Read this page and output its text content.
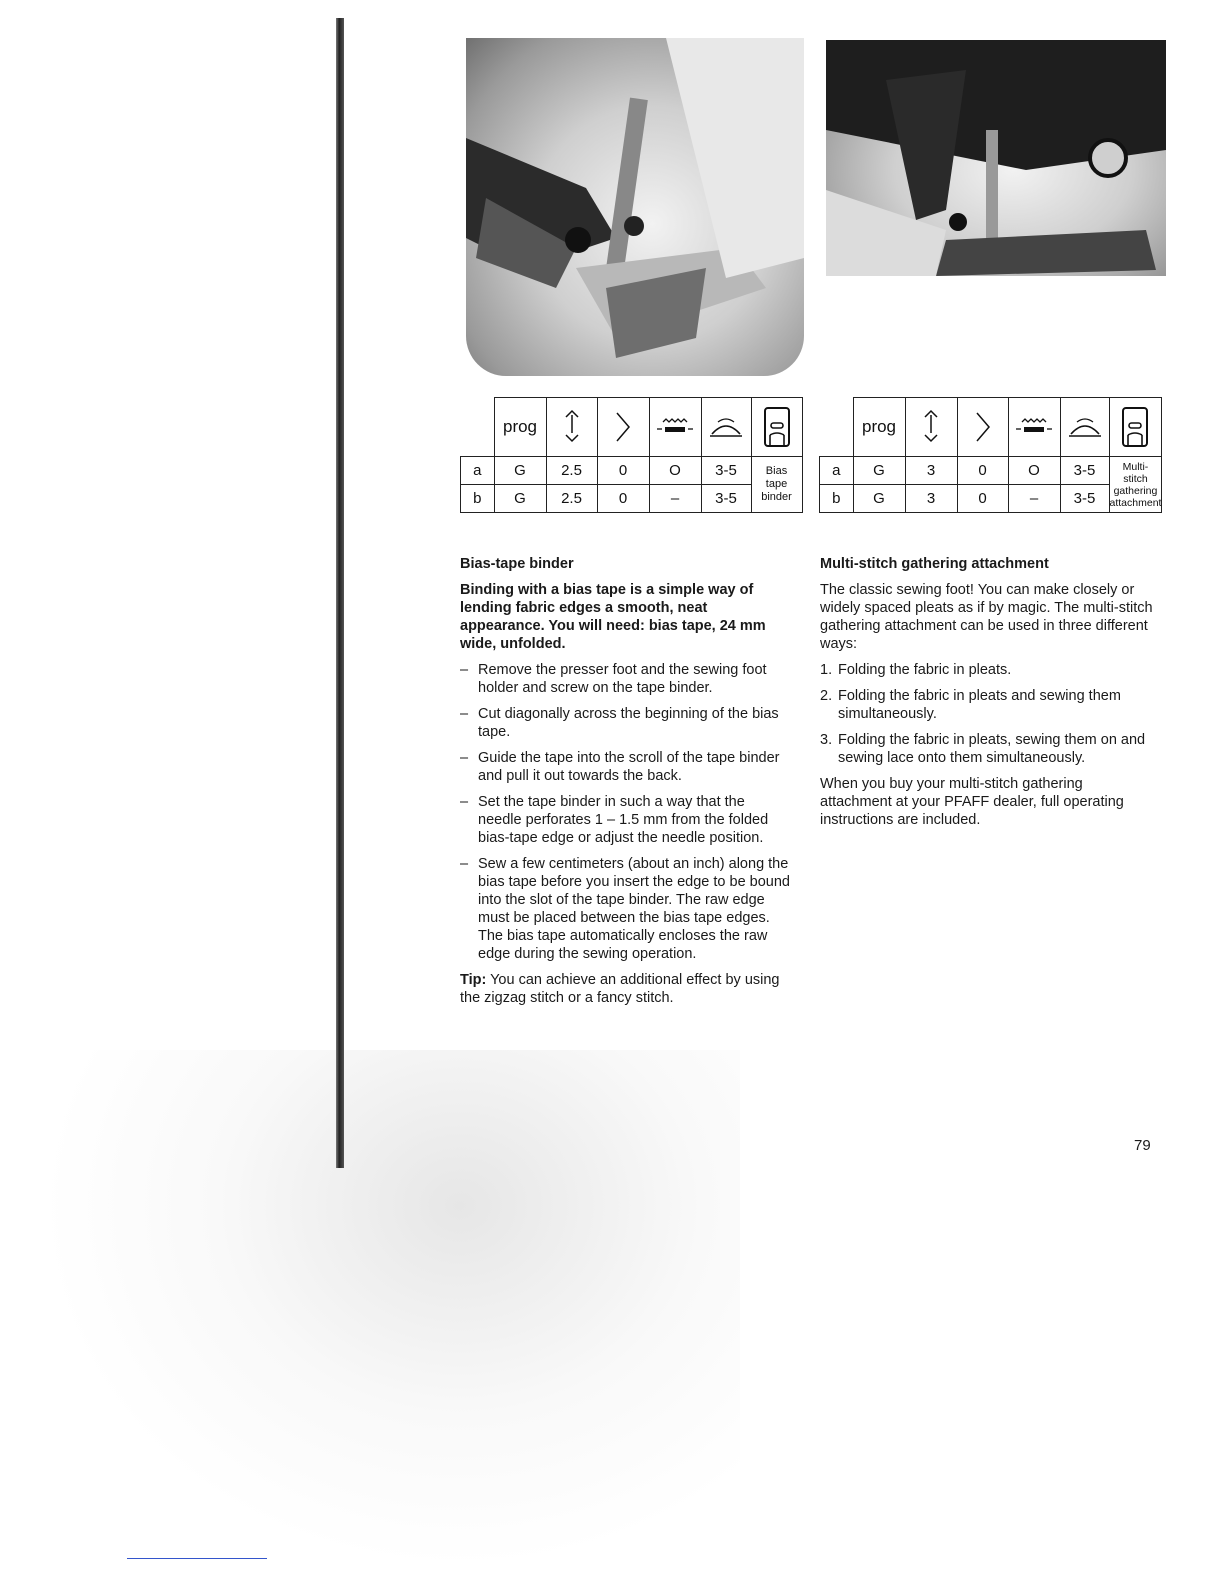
	prog					
a	G	2.5	0	O	3-5	Bias
tape
binder

b	G	2.5	0	–	3-5	
	prog					
a	G	3	0	O	3-5	Multi-
stitch
gathering
attachment

b	G	3	0	–	3-5	
Bias-tape binder

Binding with a bias tape is a simple way of lending fabric edges a smooth, neat appearance. You will need: bias tape, 24 mm wide, unfolded.

– Remove the presser foot and the sewing foot holder and screw on the tape binder.
– Cut diagonally across the beginning of the bias tape.
– Guide the tape into the scroll of the tape binder and pull it out towards the back.
– Set the tape binder in such a way that the needle perforates 1 – 1.5 mm from the folded bias-tape edge or adjust the needle position.
– Sew a few centimeters (about an inch) along the bias tape before you insert the edge to be bound into the slot of the tape binder. The raw edge must be placed between the bias tape edges. The bias tape automatically encloses the raw edge during the sewing operation.

Tip: You can achieve an additional effect by using the zigzag stitch or a fancy stitch.

Multi-stitch gathering attachment

The classic sewing foot! You can make closely or widely spaced pleats as if by magic. The multi-stitch gathering attachment can be used in three different ways:

1. Folding the fabric in pleats.
2. Folding the fabric in pleats and sewing them simultaneously.
3. Folding the fabric in pleats, sewing them on and sewing lace onto them simultaneously.

When you buy your multi-stitch gathering attachment at your PFAFF dealer, full operating instructions are included.

79
